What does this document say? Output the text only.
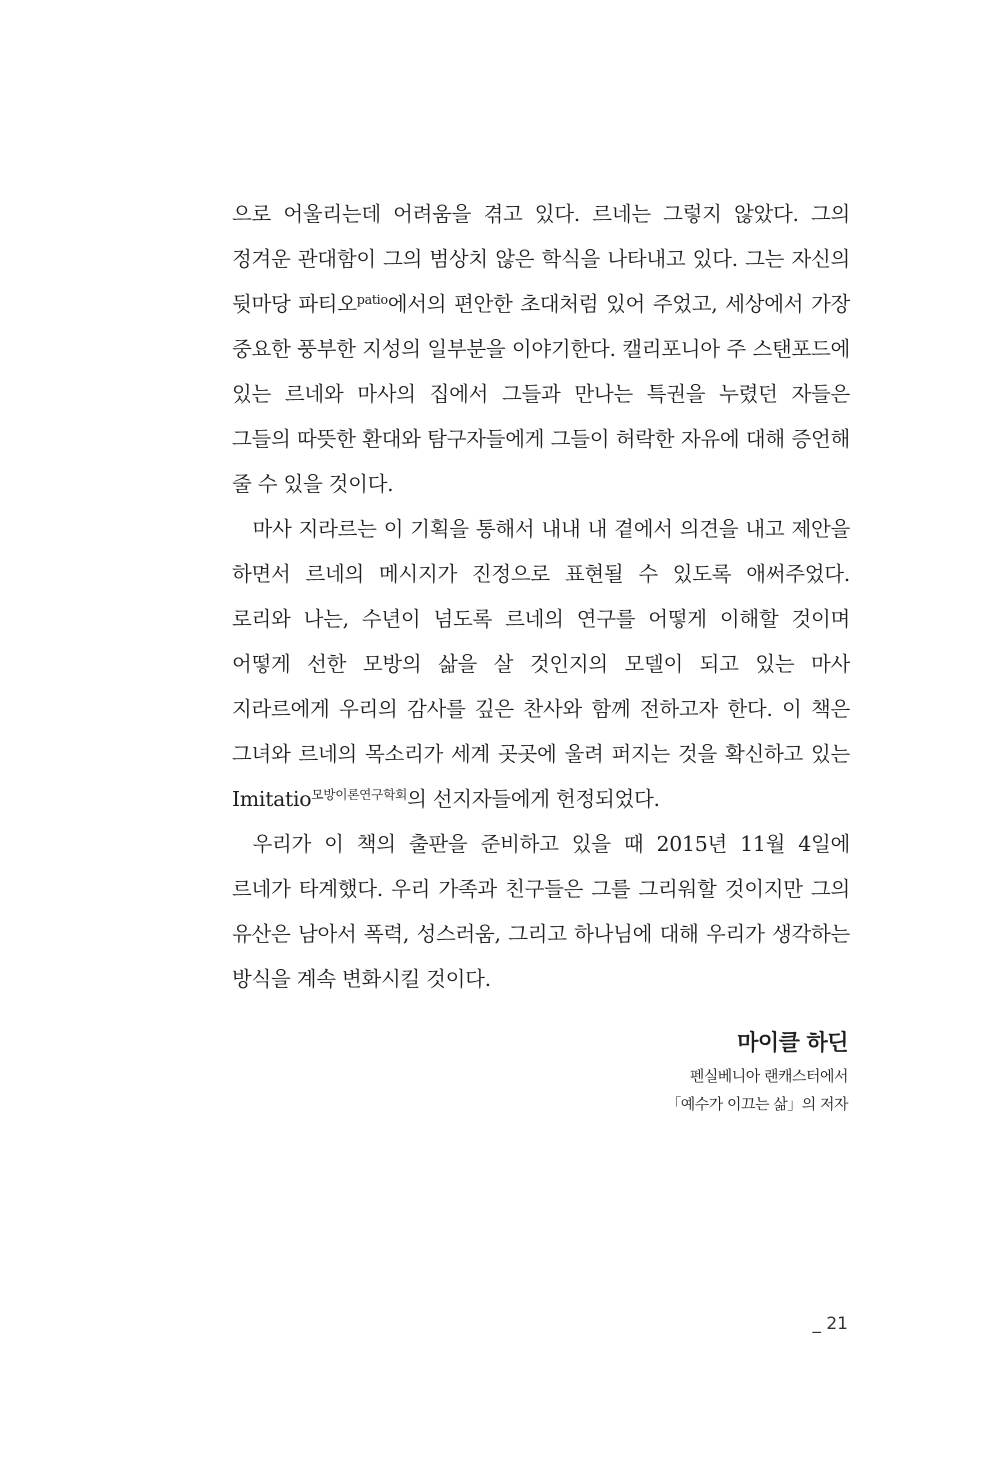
으로 어울리는데 어려움을 겪고 있다. 르네는 그렇지 않았다. 그의 정겨운 관대함이 그의 범상치 않은 학식을 나타내고 있다. 그는 자신의 뒷마당 파티오$^{patio}$에서의 편안한 초대처럼 있어 주었고, 세상에서 가장 중요한 풍부한 지성의 일부분을 이야기한다. 캘리포니아 주 스탠포드에 있는 르네와 마사의 집에서 그들과 만나는 특권을 누렸던 자들은 그들의 따뜻한 환대와 탐구자들에게 그들이 허락한 자유에 대해 증언해 줄 수 있을 것이다.

마사 지라르는 이 기획을 통해서 내내 내 곁에서 의견을 내고 제안을 하면서 르네의 메시지가 진정으로 표현될 수 있도록 애써주었다. 로리와 나는, 수년이 넘도록 르네의 연구를 어떻게 이해할 것이며 어떻게 선한 모방의 삶을 살 것인지의 모델이 되고 있는 마사 지라르에게 우리의 감사를 깊은 찬사와 함께 전하고자 한다. 이 책은 그녀와 르네의 목소리가 세계 곳곳에 울려 퍼지는 것을 확신하고 있는 Imitatio$^{모방이론연구학회}$의 선지자들에게 헌정되었다.

우리가 이 책의 출판을 준비하고 있을 때 2015년 11월 4일에 르네가 타계했다. 우리 가족과 친구들은 그를 그리워할 것이지만 그의 유산은 남아서 폭력, 성스러움, 그리고 하나님에 대해 우리가 생각하는 방식을 계속 변화시킬 것이다.

마이클 하딘
펜실베니아 랜캐스터에서
「예수가 이끄는 삶」의 저자
_ 21
